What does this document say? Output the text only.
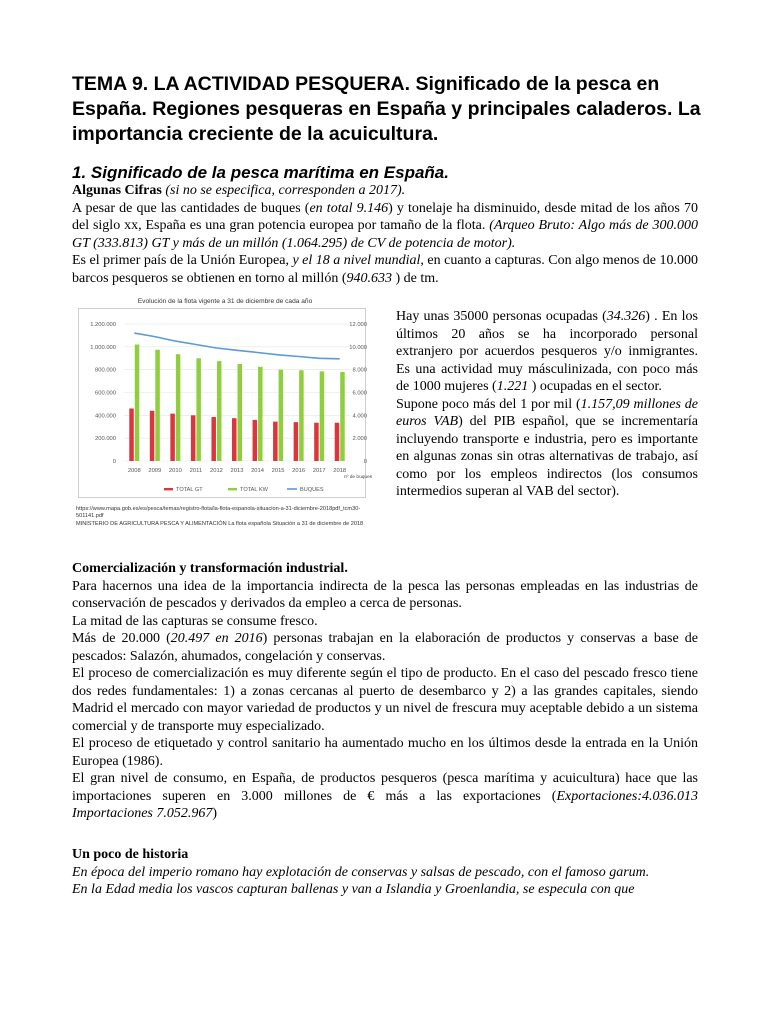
TEMA 9. LA ACTIVIDAD PESQUERA. Significado de la pesca en España. Regiones pesqueras en España y principales caladeros. La importancia creciente de la acuicultura.
1. Significado de la pesca marítima en España.

Algunas Cifras (si no se especifica, corresponden a 2017).

A pesar de que las cantidades de buques (en total 9.146) y tonelaje ha disminuido, desde mitad de los años 70 del siglo xx, España es una gran potencia europea por tamaño de la flota. (Arqueo Bruto: Algo más de 300.000 GT (333.813) GT y más de un millón (1.064.295) de CV de potencia de motor).

Es el primer país de la Unión Europea, y el 18 a nivel mundial, en cuanto a capturas. Con algo menos de 10.000 barcos pesqueros se obtienen en torno al millón (940.633 ) de tm.

Evolución de la flota vigente a 31 de diciembre de cada año
0	0
200.000	2.000
400.000	4.000
600.000	6.000
800.000	8.000
1.000.000	10.000
1.200.000	12.000
2008 2009 2010 2011 2012 2013 2014 2015 2016 2017 2018
nº de buques
TOTAL GT	TOTAL KW	BUQUES
https://www.mapa.gob.es/es/pesca/temas/registro-flota/la-flota-espanola-situacion-a-31-diciembre-2018pdf_tcm30-501141.pdf
MINISTERIO DE AGRICULTURA PESCA Y ALIMENTACIÓN La flota española Situación a 31 de diciembre de 2018

Hay unas 35000 personas ocupadas (34.326) . En los últimos 20 años se ha incorporado personal extranjero por acuerdos pesqueros y/o inmigrantes. Es una actividad muy másculinizada, con poco más de 1000 mujeres (1.221 ) ocupadas en el sector.

Supone poco más del 1 por mil (1.157,09 millones de euros VAB) del PIB español, que se incrementaría incluyendo transporte e industria, pero es importante en algunas zonas sin otras alternativas de trabajo, así como por los empleos indirectos (los consumos intermedios superan al VAB del sector).

Comercialización y transformación industrial.

Para hacernos una idea de la importancia indirecta de la pesca las personas empleadas en las industrias de conservación de pescados y derivados da empleo a cerca de personas.

La mitad de las capturas se consume fresco.

Más de 20.000 (20.497 en 2016) personas trabajan en la elaboración de productos y conservas a base de pescados: Salazón, ahumados, congelación y conservas.

El proceso de comercialización es muy diferente según el tipo de producto. En el caso del pescado fresco tiene dos redes fundamentales: 1) a zonas cercanas al puerto de desembarco y 2) a las grandes capitales, siendo Madrid el mercado con mayor variedad de productos y un nivel de frescura muy aceptable debido a un sistema comercial y de transporte muy especializado.

El proceso de etiquetado y control sanitario ha aumentado mucho en los últimos desde la entrada en la Unión Europea (1986).

El gran nivel de consumo, en España, de productos pesqueros (pesca marítima y acuicultura) hace que las importaciones superen en 3.000 millones de € más a las exportaciones (Exportaciones:4.036.013 Importaciones 7.052.967)

Un poco de historia

En época del imperio romano hay explotación de conservas y salsas de pescado, con el famoso garum.

En la Edad media los vascos capturan ballenas y van a Islandia y Groenlandia, se especula con que
